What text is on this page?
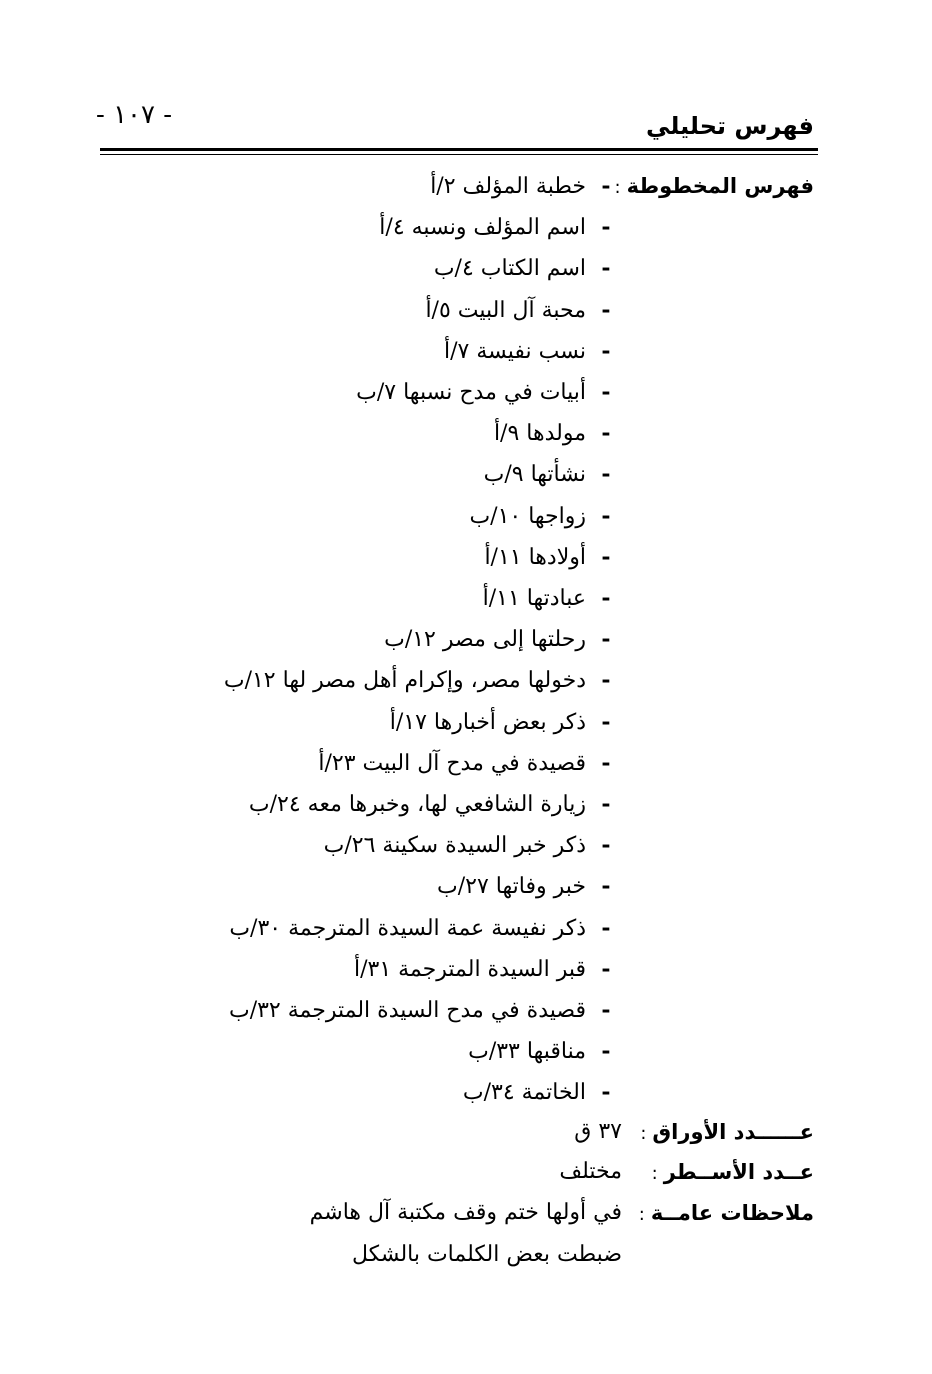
- ١٠٧ -	فهرس تحليلي
فهرس المخطوطة:
-خطبة المؤلف ٢/أ
-اسم المؤلف ونسبه ٤/أ
-اسم الكتاب ٤/ب
-محبة آل البيت ٥/أ
-نسب نفيسة ٧/أ
-أبيات في مدح نسبها ٧/ب
-مولدها ٩/أ
-نشأتها ٩/ب
-زواجها ١٠/ب
-أولادها ١١/أ
-عبادتها ١١/أ
-رحلتها إلى مصر ١٢/ب
-دخولها مصر، وإكرام أهل مصر لها ١٢/ب
-ذكر بعض أخبارها ١٧/أ
-قصيدة في مدح آل البيت ٢٣/أ
-زيارة الشافعي لها، وخبرها معه ٢٤/ب
-ذكر خبر السيدة سكينة ٢٦/ب
-خبر وفاتها ٢٧/ب
-ذكر نفيسة عمة السيدة المترجمة ٣٠/ب
-قبر السيدة المترجمة ٣١/أ
-قصيدة في مدح السيدة المترجمة ٣٢/ب
-مناقبها ٣٣/ب
-الخاتمة ٣٤/ب
عــــــدد الأوراق:
٣٧ ق
عــدد الأســطر:
مختلف
ملاحظات عامــة:
في أولها ختم وقف مكتبة آل هاشم
ضبطت بعض الكلمات بالشكل
